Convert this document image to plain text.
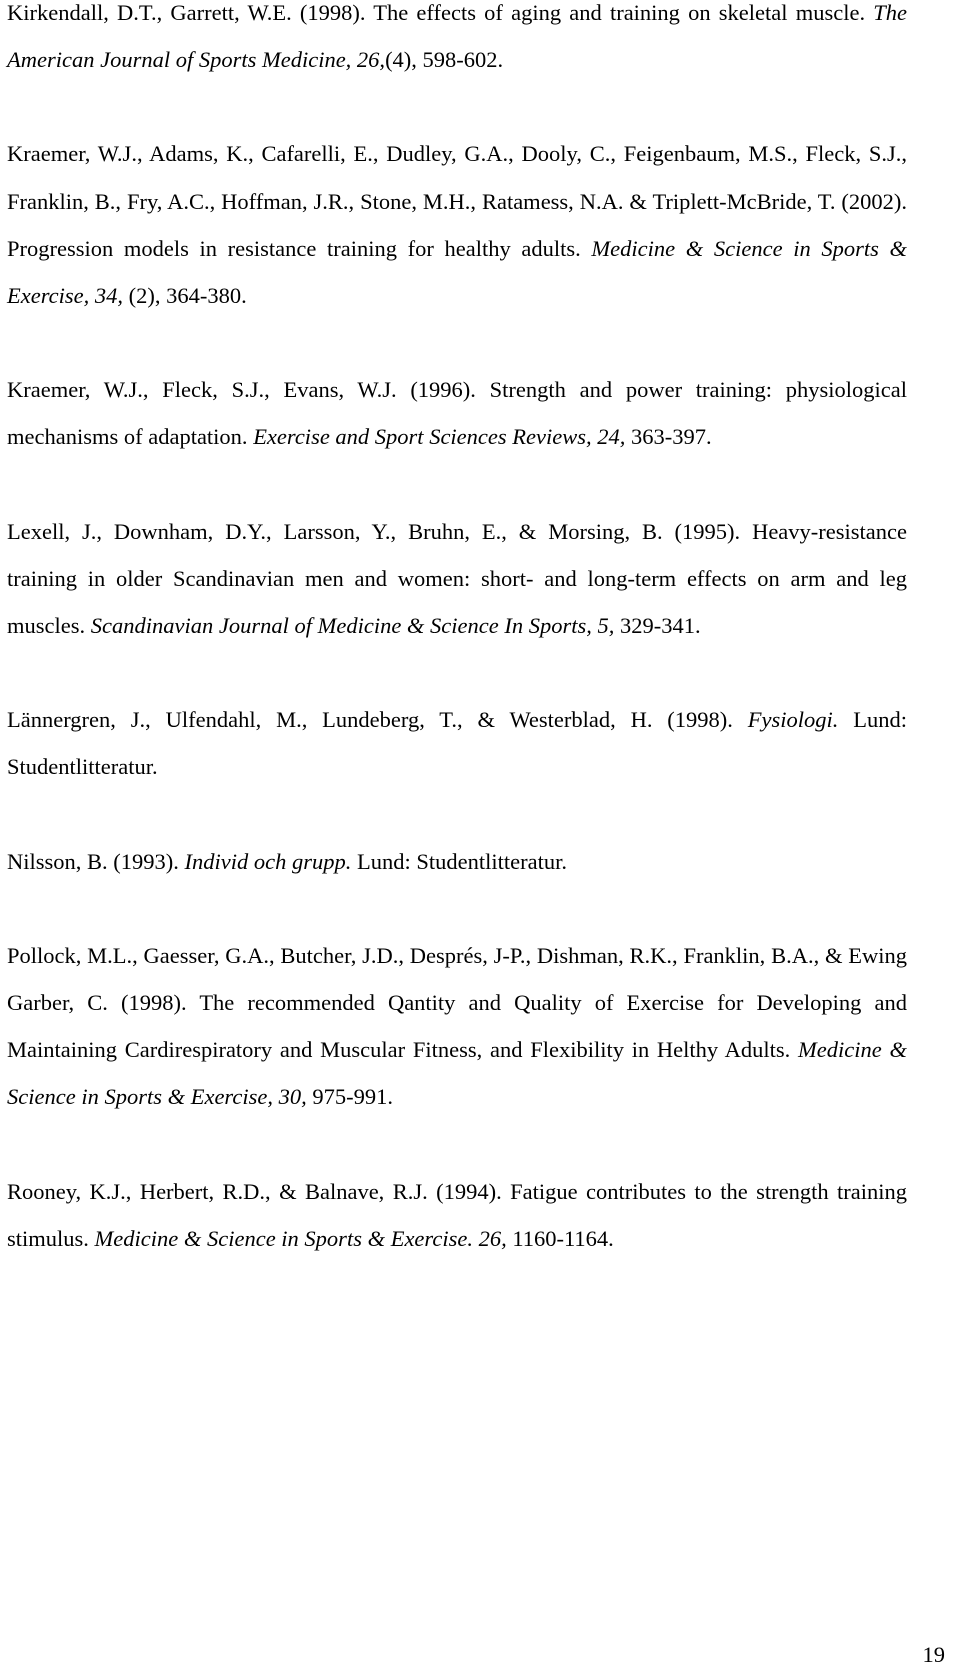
Kirkendall, D.T., Garrett, W.E. (1998). The effects of aging and training on skeletal muscle. The American Journal of Sports Medicine, 26,(4), 598-602.

Kraemer, W.J., Adams, K., Cafarelli, E., Dudley, G.A., Dooly, C., Feigenbaum, M.S., Fleck, S.J., Franklin, B., Fry, A.C., Hoffman, J.R., Stone, M.H., Ratamess, N.A. & Triplett-McBride, T. (2002). Progression models in resistance training for healthy adults. Medicine & Science in Sports & Exercise, 34, (2), 364-380.

Kraemer, W.J., Fleck, S.J., Evans, W.J. (1996). Strength and power training: physiological mechanisms of adaptation. Exercise and Sport Sciences Reviews, 24, 363-397.

Lexell, J., Downham, D.Y., Larsson, Y., Bruhn, E., & Morsing, B. (1995). Heavy-resistance training in older Scandinavian men and women: short- and long-term effects on arm and leg muscles. Scandinavian Journal of Medicine & Science In Sports, 5, 329-341.

Lännergren, J., Ulfendahl, M., Lundeberg, T., & Westerblad, H. (1998). Fysiologi. Lund: Studentlitteratur.

Nilsson, B. (1993). Individ och grupp. Lund: Studentlitteratur.

Pollock, M.L., Gaesser, G.A., Butcher, J.D., Després, J-P., Dishman, R.K., Franklin, B.A., & Ewing Garber, C. (1998). The recommended Qantity and Quality of Exercise for Developing and Maintaining Cardirespiratory and Muscular Fitness, and Flexibility in Helthy Adults. Medicine & Science in Sports & Exercise, 30, 975-991.

Rooney, K.J., Herbert, R.D., & Balnave, R.J. (1994). Fatigue contributes to the strength training stimulus. Medicine & Science in Sports & Exercise. 26, 1160-1164.

19
